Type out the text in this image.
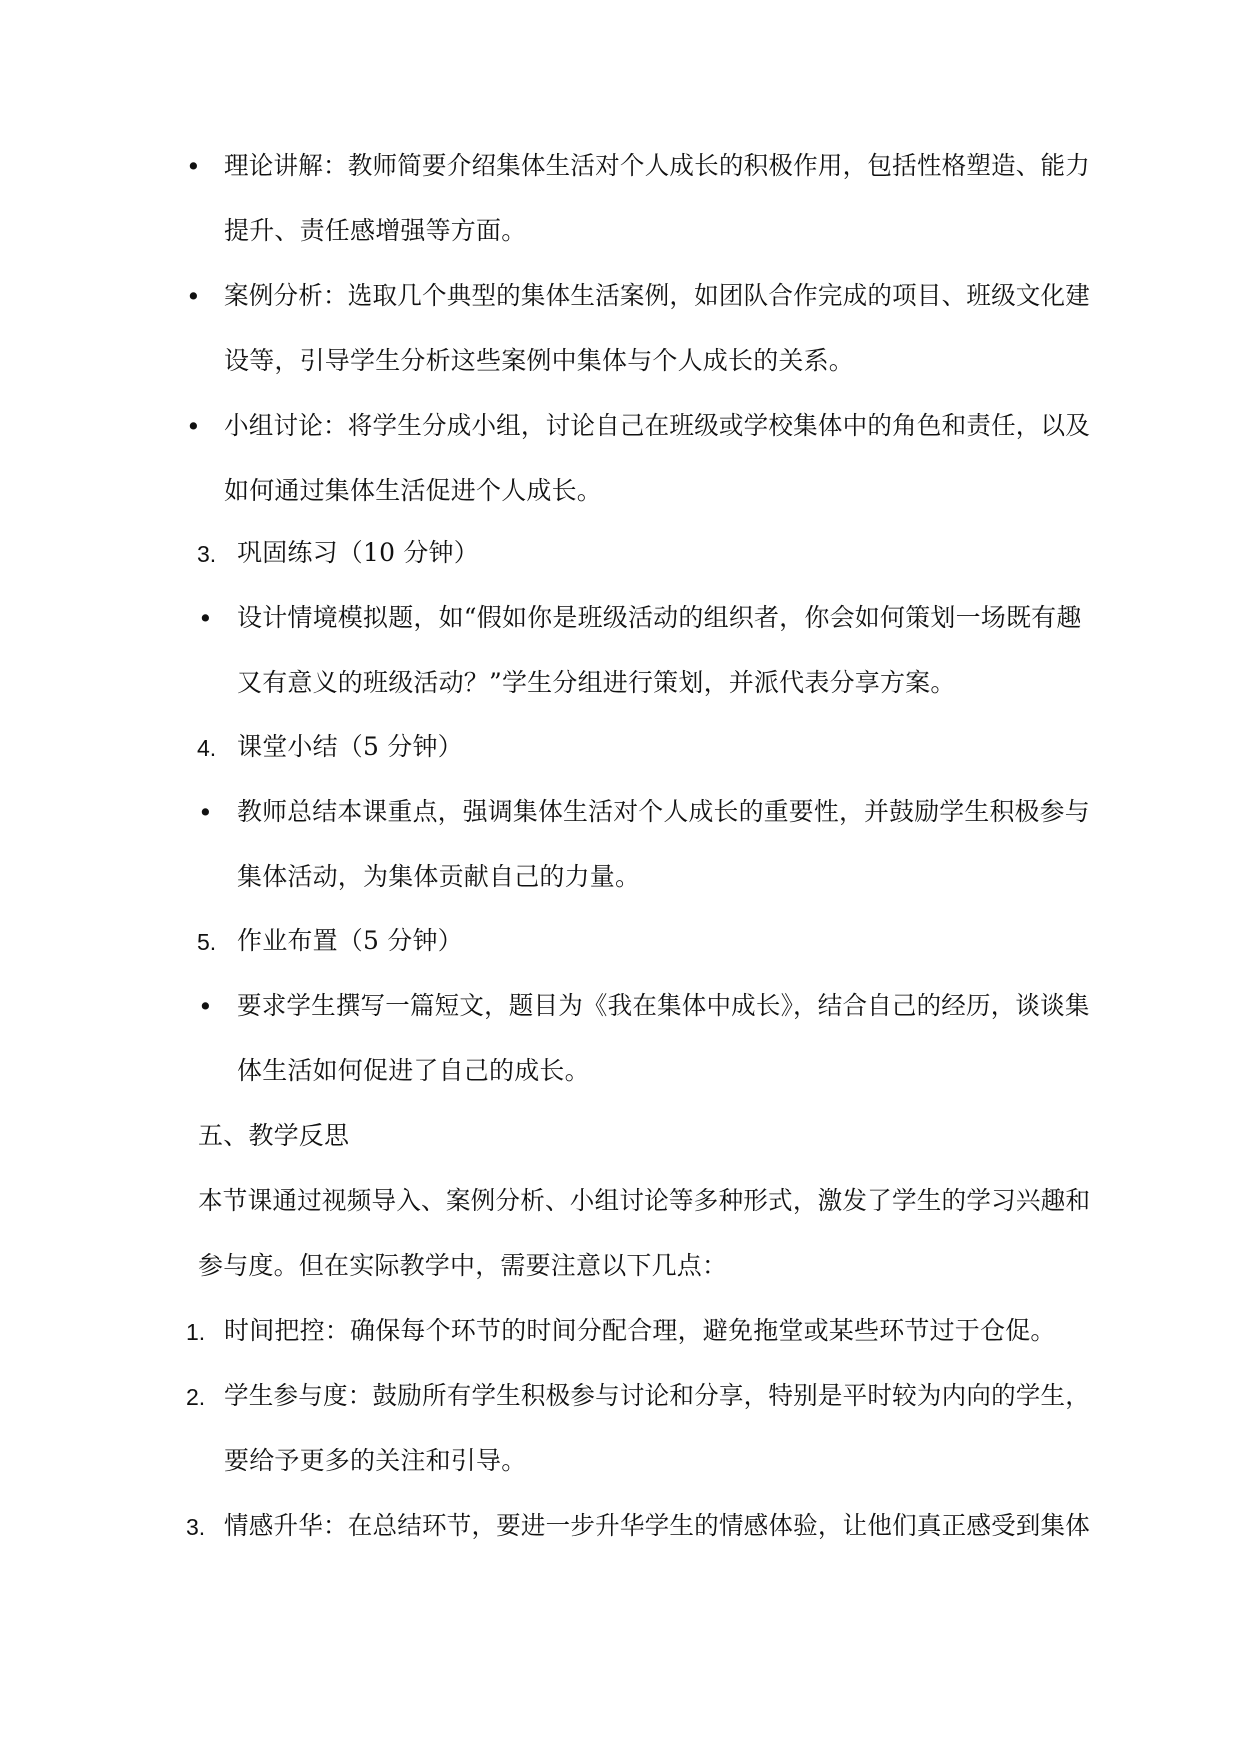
• 理论讲解：教师简要介绍集体生活对个人成长的积极作用，包括性格塑造、能力
提升、责任感增强等方面。
• 案例分析：选取几个典型的集体生活案例，如团队合作完成的项目、班级文化建
设等，引导学生分析这些案例中集体与个人成长的关系。
• 小组讨论：将学生分成小组，讨论自己在班级或学校集体中的角色和责任，以及
如何通过集体生活促进个人成长。
3. 巩固练习（10 分钟）
• 设计情境模拟题，如“假如你是班级活动的组织者，你会如何策划一场既有趣
又有意义的班级活动？”学生分组进行策划，并派代表分享方案。
4. 课堂小结（5 分钟）
• 教师总结本课重点，强调集体生活对个人成长的重要性，并鼓励学生积极参与
集体活动，为集体贡献自己的力量。
5. 作业布置（5 分钟）
• 要求学生撰写一篇短文，题目为《我在集体中成长》，结合自己的经历，谈谈集
体生活如何促进了自己的成长。
五、教学反思
本节课通过视频导入、案例分析、小组讨论等多种形式，激发了学生的学习兴趣和
参与度。但在实际教学中，需要注意以下几点：
1. 时间把控：确保每个环节的时间分配合理，避免拖堂或某些环节过于仓促。
2. 学生参与度：鼓励所有学生积极参与讨论和分享，特别是平时较为内向的学生，
要给予更多的关注和引导。
3. 情感升华：在总结环节，要进一步升华学生的情感体验，让他们真正感受到集体
